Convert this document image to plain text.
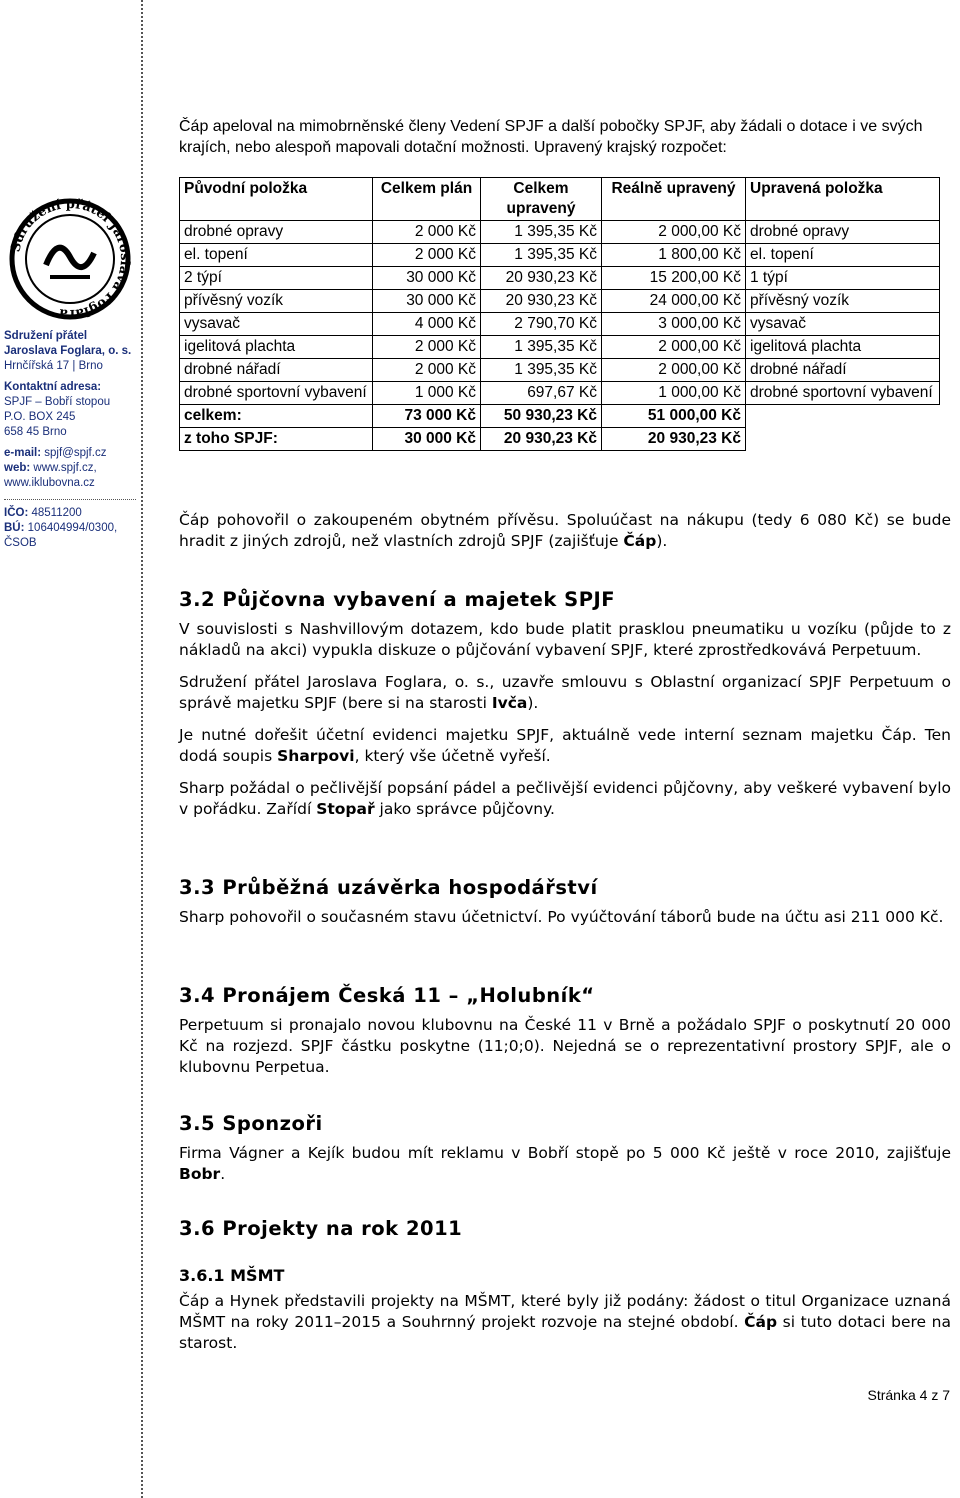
Sdružení přátel Jaroslava Foglara
Sdružení přátel
Jaroslava Foglara, o. s.
Hrnčířská 17 | Brno
Kontaktní adresa:
SPJF – Bobří stopou
P.O. BOX 245
658 45 Brno
e-mail: spjf@spjf.cz
web: www.spjf.cz,
www.iklubovna.cz
IČO: 48511200
BÚ: 106404994/0300,
ČSOB

Čáp apeloval na mimobrněnské členy Vedení SPJF a další pobočky SPJF, aby žádali o dotace i ve svých krajích, nebo alespoň mapovali dotační možnosti. Upravený krajský rozpočet:

Původní položka	Celkem plán	Celkem upravený	Reálně upravený	Upravená položka
drobné opravy	2 000 Kč	1 395,35 Kč	2 000,00 Kč	drobné opravy
el. topení	2 000 Kč	1 395,35 Kč	1 800,00 Kč	el. topení
2 týpí	30 000 Kč	20 930,23 Kč	15 200,00 Kč	1 týpí
přívěsný vozík	30 000 Kč	20 930,23 Kč	24 000,00 Kč	přívěsný vozík
vysavač	4 000 Kč	2 790,70 Kč	3 000,00 Kč	vysavač
igelitová plachta	2 000 Kč	1 395,35 Kč	2 000,00 Kč	igelitová plachta
drobné nářadí	2 000 Kč	1 395,35 Kč	2 000,00 Kč	drobné nářadí
drobné sportovní vybavení	1 000 Kč	697,67 Kč	1 000,00 Kč	drobné sportovní vybavení
celkem:	73 000 Kč	50 930,23 Kč	51 000,00 Kč	
z toho SPJF:	30 000 Kč	20 930,23 Kč	20 930,23 Kč	

Čáp pohovořil o zakoupeném obytném přívěsu. Spoluúčast na nákupu (tedy 6 080 Kč) se bude hradit z jiných zdrojů, než vlastních zdrojů SPJF (zajišťuje Čáp).

3.2 Půjčovna vybavení a majetek SPJF

V souvislosti s Nashvillovým dotazem, kdo bude platit prasklou pneumatiku u vozíku (půjde to z nákladů na akci) vypukla diskuze o půjčování vybavení SPJF, které zprostředkovává Perpetuum.

Sdružení přátel Jaroslava Foglara, o. s., uzavře smlouvu s Oblastní organizací SPJF Perpetuum o správě majetku SPJF (bere si na starosti Ivča).

Je nutné dořešit účetní evidenci majetku SPJF, aktuálně vede interní seznam majetku Čáp. Ten dodá soupis Sharpovi, který vše účetně vyřeší.

Sharp požádal o pečlivější popsání pádel a pečlivější evidenci půjčovny, aby veškeré vybavení bylo v pořádku. Zařídí Stopař jako správce půjčovny.

3.3 Průběžná uzávěrka hospodářství

Sharp pohovořil o současném stavu účetnictví. Po vyúčtování táborů bude na účtu asi 211 000 Kč.

3.4 Pronájem Česká 11 – „Holubník“

Perpetuum si pronajalo novou klubovnu na České 11 v Brně a požádalo SPJF o poskytnutí 20 000 Kč na rozjezd. SPJF částku poskytne (11;0;0). Nejedná se o reprezentativní prostory SPJF, ale o klubovnu Perpetua.

3.5 Sponzoři

Firma Vágner a Kejík budou mít reklamu v Bobří stopě po 5 000 Kč ještě v roce 2010, zajišťuje Bobr.

3.6 Projekty na rok 2011
3.6.1 MŠMT

Čáp a Hynek představili projekty na MŠMT, které byly již podány: žádost o titul Organizace uznaná MŠMT na roky 2011–2015 a Souhrnný projekt rozvoje na stejné období. Čáp si tuto dotaci bere na starost.

Stránka 4 z 7
